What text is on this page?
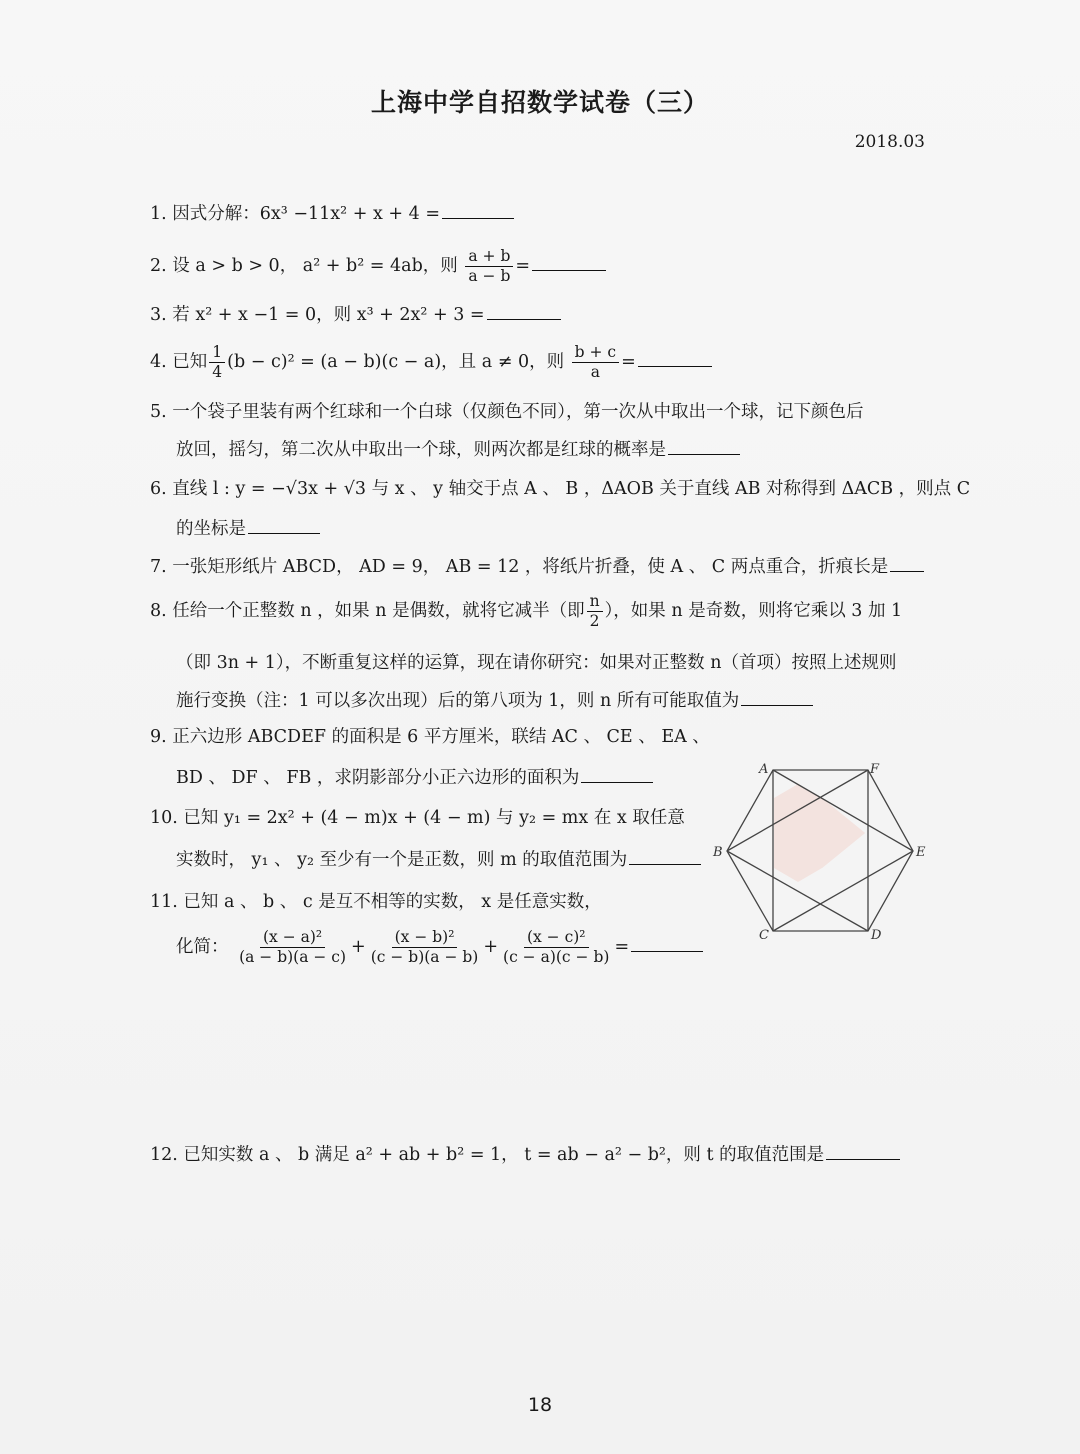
上海中学自招数学试卷（三）
2018.03
1. 因式分解：6x³ −11x² + x + 4 =
2. 设 a > b > 0， a² + b² = 4ab，则 $\frac{a + b}{a - b}$ =
3. 若 x² + x −1 = 0，则 x³ + 2x² + 3 =
4. 已知 $\frac{1}{4} (b - c)^2 = (a - b)(c - a)$，且 a ≠ 0，则 $\frac{b + c}{a}$ =
5. 一个袋子里装有两个红球和一个白球（仅颜色不同），第一次从中取出一个球，记下颜色后
放回，摇匀，第二次从中取出一个球，则两次都是红球的概率是
6. 直线 l : y = −√3x + √3 与 x 、 y 轴交于点 A 、 B ，ΔAOB 关于直线 AB 对称得到 ΔACB ，则点 C
的坐标是
7. 一张矩形纸片 ABCD， AD = 9， AB = 12 ，将纸片折叠，使 A 、 C 两点重合，折痕长是
8. 任给一个正整数 n ，如果 n 是偶数，就将它减半（即 $\frac{n}{2}$ ），如果 n 是奇数，则将它乘以 3 加 1
（即 3n + 1），不断重复这样的运算，现在请你研究：如果对正整数 n（首项）按照上述规则
施行变换（注：1 可以多次出现）后的第八项为 1，则 n 所有可能取值为
9. 正六边形 ABCDEF 的面积是 6 平方厘米，联结 AC 、 CE 、 EA 、
BD 、 DF 、 FB ，求阴影部分小正六边形的面积为
10. 已知 y₁ = 2x² + (4 − m)x + (4 − m) 与 y₂ = mx 在 x 取任意
实数时， y₁ 、 y₂ 至少有一个是正数，则 m 的取值范围为
11. 已知 a 、 b 、 c 是互不相等的实数， x 是任意实数，
化简： $\frac{\text{(x − a)²}}{(a - b)(a - c)} + \frac{\text{(x − b)²}}{(c - b)(a - b)} + \frac{\text{(x − c)²}}{(c - a)(c - b)}$ =
12. 已知实数 a 、 b 满足 a² + ab + b² = 1， t = ab − a² − b²，则 t 的取值范围是
A	F
B	E
C	D
18
